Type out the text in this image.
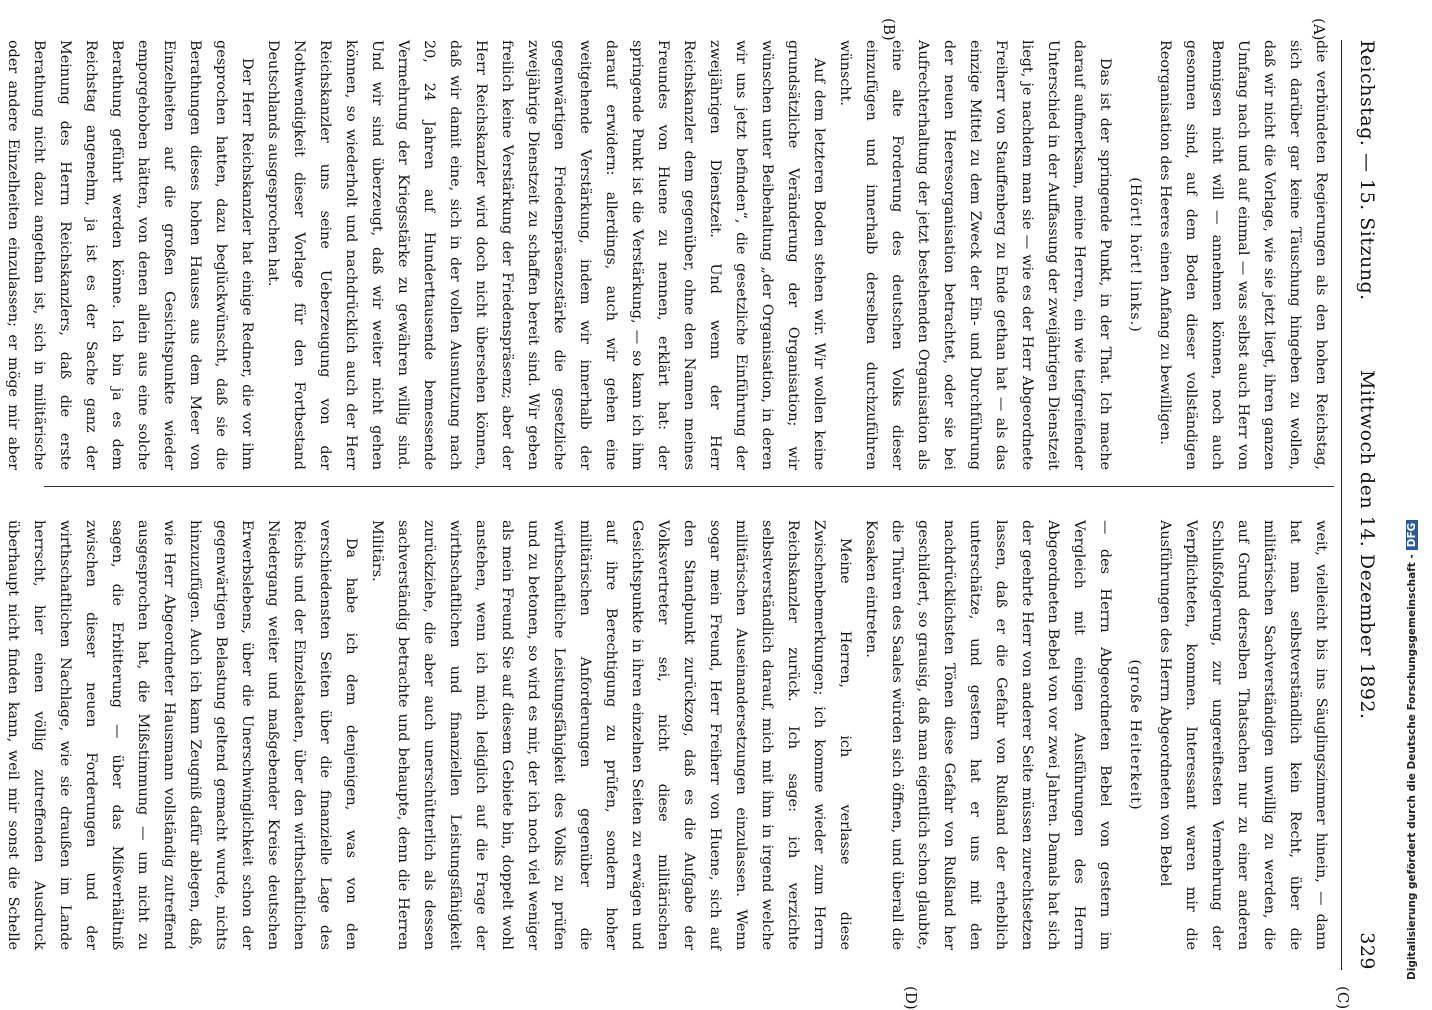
Reichstag. — 15. Sitzung.
Mittwoch den 14. Dezember 1892.
329
(A)
(B)
(C)
(D)

die verbündeten Regierungen als den hohen Reichstag, sich darüber gar keine Täuschung hingeben zu wollen, daß wir nicht die Vorlage, wie sie jetzt liegt, ihren ganzen Umfang nach und auf einmal — was selbst auch Herr von Bennigsen nicht will — annehmen können, noch auch gesonnen sind, auf dem Boden dieser vollständigen Reorganisation des Heeres einen Anfang zu bewilligen.

(Hört! hört! links.)

Das ist der springende Punkt, in der That. Ich mache darauf aufmerksam, meine Herren, ein wie tiefgreifender Unterschied in der Auffassung der zweijährigen Dienstzeit liegt, je nachdem man sie — wie es der Herr Abgeordnete Freiherr von Stauffenberg zu Ende gethan hat — als das einzige Mittel zu dem Zweck der Ein- und Durchführung der neuen Heeresorganisation betrachtet, oder sie bei Aufrechterhaltung der jetzt bestehenden Organisation als eine alte Forderung des deutschen Volks dieser einzufügen und innerhalb derselben durchzuführen wünscht.

Auf dem letzteren Boden stehen wir. Wir wollen keine grundsätzliche Veränderung der Organisation; wir wünschen unter Beibehaltung „der Organisation, in deren wir uns jetzt befinden“, die gesetzliche Einführung der zweijährigen Dienstzeit. Und wenn der Herr Reichskanzler dem gegenüber, ohne den Namen meines Freundes von Huene zu nennen, erklärt hat: der springende Punkt ist die Verstärkung, — so kann ich ihm darauf erwidern: allerdings, auch wir gehen eine weitgehende Verstärkung, indem wir innerhalb der gegenwärtigen Friedenspräsenzstärke die gesetzliche zweijährige Dienstzeit zu schaffen bereit sind. Wir geben freilich keine Verstärkung der Friedenspräsenz; aber der Herr Reichskanzler wird doch nicht übersehen können, daß wir damit eine, sich in der vollen Ausnutzung nach 20, 24 Jahren auf Hunderttausende bemessende Vermehrung der Kriegsstärke zu gewähren willig sind. Und wir sind überzeugt, daß wir weiter nicht gehen können, so wiederholt und nachdrücklich auch der Herr Reichskanzler uns seine Ueberzeugung von der Nothwendigkeit dieser Vorlage für den Fortbestand Deutschlands ausgesprochen hat.

Der Herr Reichskanzler hat einige Redner, die vor ihm gesprochen hatten, dazu beglückwünscht, daß sie die Berathungen dieses hohen Hauses aus dem Meer von Einzelheiten auf die großen Gesichtspunkte wieder emporgehoben hätten, von denen allein aus eine solche Berathung geführt werden könne. Ich bin ja es dem Reichstag angenehm, ja ist es der Sache ganz der Meinung des Herrn Reichskanzlers, daß die erste Berathung nicht dazu angethan ist, sich in militärische oder andere Einzelheiten einzulassen; er möge mir aber

weit, vielleicht bis ins Säuglingszimmer hinein, — dann hat man selbstverständlich kein Recht, über die militärischen Sachverständigen unwillig zu werden, die auf Grund derselben Thatsachen nur zu einer anderen Schlußfolgerung, zur ungereiftesten Vermehrung der Verpflichteten, kommen. Interessant waren mir die Ausführungen des Herrn Abgeordneten von Bebel

(große Heiterkeit)

— des Herrn Abgeordneten Bebel von gestern im Vergleich mit einigen Ausführungen des Herrn Abgeordneten Bebel von vor zwei Jahren. Damals hat sich der geehrte Herr von anderer Seite müssen zurechtsetzen lassen, daß er die Gefahr von Rußland der erheblich unterschätze, und gestern hat er uns mit den nachdrücklichsten Tönen diese Gefahr von Rußland her geschildert, so grausig, daß man eigentlich schon glaubte, die Thüren des Saales würden sich öffnen, und überall die Kosaken eintreten.

Meine Herren, ich verlasse diese Zwischenbemerkungen; ich komme wieder zum Herrn Reichskanzler zurück. Ich sage: ich verzichte selbstverständlich darauf, mich mit ihm in irgend welche militärischen Auseinandersetzungen einzulassen. Wenn sogar mein Freund, Herr Freiherr von Huene, sich auf den Standpunkt zurückzog, daß es die Aufgabe der Volksvertreter sei, nicht diese militärischen Gesichtspunkte in ihren einzelnen Seiten zu erwägen und auf ihre Berechtigung zu prüfen, sondern hoher militärischen Anforderungen gegenüber die wirthschaftliche Leistungsfähigkeit des Volks zu prüfen und zu betonen, so wird es mir, der ich noch viel weniger als mein Freund Sie auf diesem Gebiete bin, doppelt wohl anstehen, wenn ich mich lediglich auf die Frage der wirthschaftlichen und finanziellen Leistungsfähigkeit zurückziehe, die aber auch unerschütterlich als dessen sachverständig betrachte und behaupte, denn die Herren Militärs.

Da habe ich dem denjenigen, was von den verschiedensten Seiten über die finanzielle Lage des Reichs und der Einzelstaaten, über den wirthschaftlichen Niedergang weiter und maßgebender Kreise deutschen Erwerbslebens, über die Unerschwinglichkeit schon der gegenwärtigen Belastung geltend gemacht wurde, nichts hinzuzufügen. Auch ich kann Zeugniß dafür ablegen, daß, wie Herr Abgeordneter Hausmann vollständig zutreffend ausgesprochen hat, die Mißstimmung — um nicht zu sagen, die Erbitterung — über das Mißverhältniß zwischen dieser neuen Forderungen und der wirthschaftlichen Nachlage, wie sie draußen im Lande herrscht, hier einen völlig zutreffenden Ausdruck überhaupt nicht finden kann, weil mir sonst die Schelle	Digitalisierung gefördert durch die Deutsche Forschungsgemeinschaft -DFG
